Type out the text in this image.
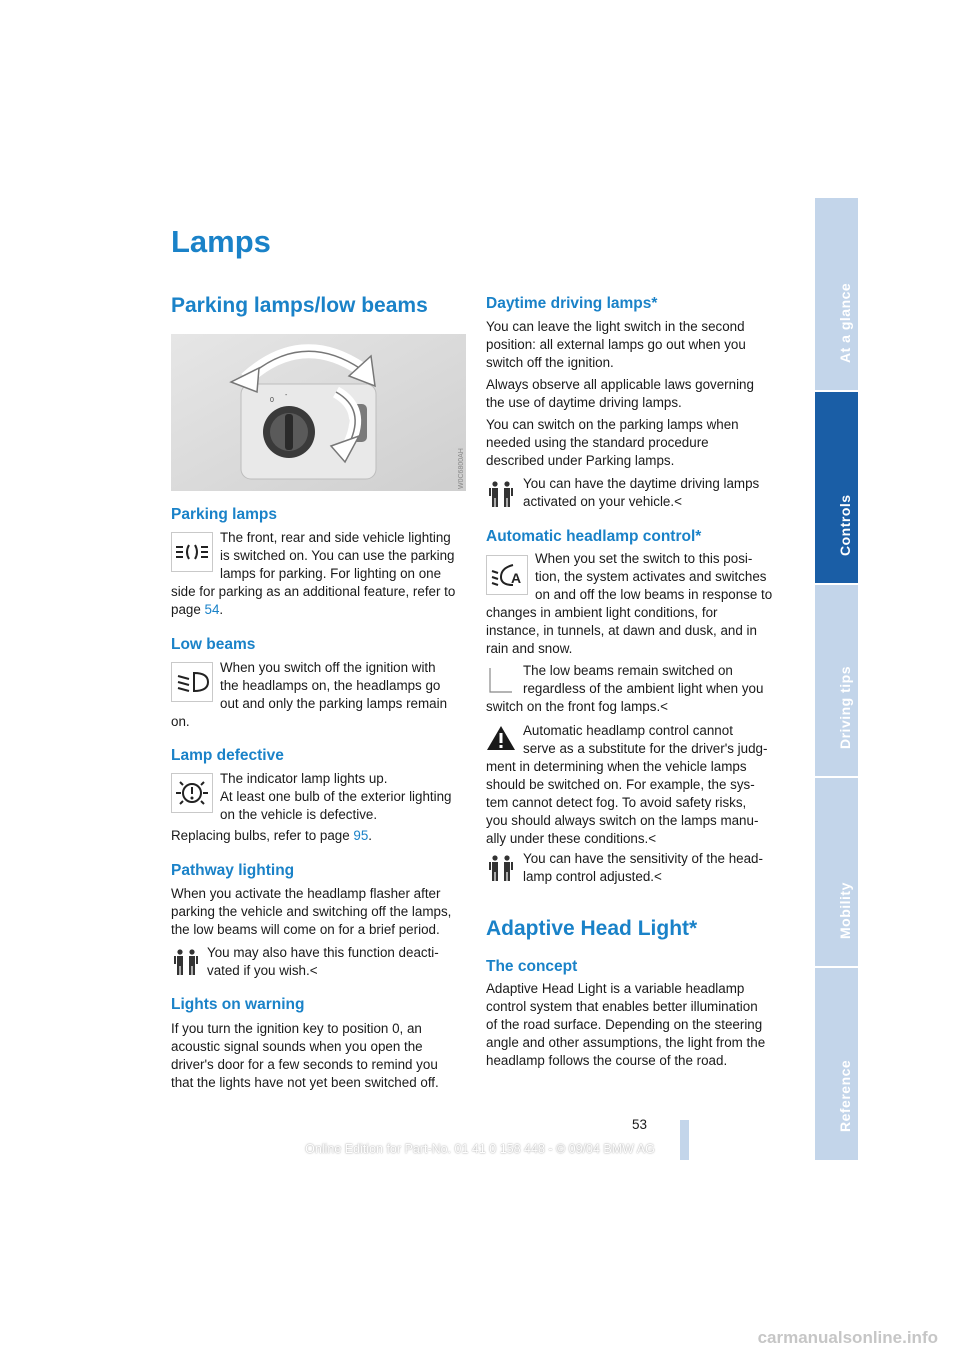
At a glance
Controls
Driving tips
Mobility
Reference
Lamps
Parking lamps/low beams
0
-
W0C6800AH
Parking lamps

The front, rear and side vehicle lighting

is switched on. You can use the parking

lamps for parking. For lighting on one

side for parking as an additional feature, refer to

page 54.

Low beams

When you switch off the ignition with

the headlamps on, the headlamps go

out and only the parking lamps remain

on.

Lamp defective

The indicator lamp lights up.

At least one bulb of the exterior lighting

on the vehicle is defective.

Replacing bulbs, refer to page 95.

Pathway lighting

When you activate the headlamp flasher after

parking the vehicle and switching off the lamps,

the low beams will come on for a brief period.

You may also have this function deacti-

vated if you wish.<

Lights on warning

If you turn the ignition key to position 0, an

acoustic signal sounds when you open the

driver's door for a few seconds to remind you

that the lights have not yet been switched off.

Daytime driving lamps*

You can leave the light switch in the second

position: all external lamps go out when you

switch off the ignition.

Always observe all applicable laws governing

the use of daytime driving lamps.

You can switch on the parking lamps when

needed using the standard procedure

described under Parking lamps.

You can have the daytime driving lamps

activated on your vehicle.<

Automatic headlamp control*
A

When you set the switch to this posi-

tion, the system activates and switches

on and off the low beams in response to

changes in ambient light conditions, for

instance, in tunnels, at dawn and dusk, and in

rain and snow.

The low beams remain switched on

regardless of the ambient light when you

switch on the front fog lamps.<

Automatic headlamp control cannot

serve as a substitute for the driver's judg-

ment in determining when the vehicle lamps

should be switched on. For example, the sys-

tem cannot detect fog. To avoid safety risks,

you should always switch on the lamps manu-

ally under these conditions.<

You can have the sensitivity of the head-

lamp control adjusted.<

Adaptive Head Light*
The concept

Adaptive Head Light is a variable headlamp

control system that enables better illumination

of the road surface. Depending on the steering

angle and other assumptions, the light from the

headlamp follows the course of the road.

53
Online Edition for Part-No. 01 41 0 158 448 - © 09/04 BMW AG
carmanualsonline.info
